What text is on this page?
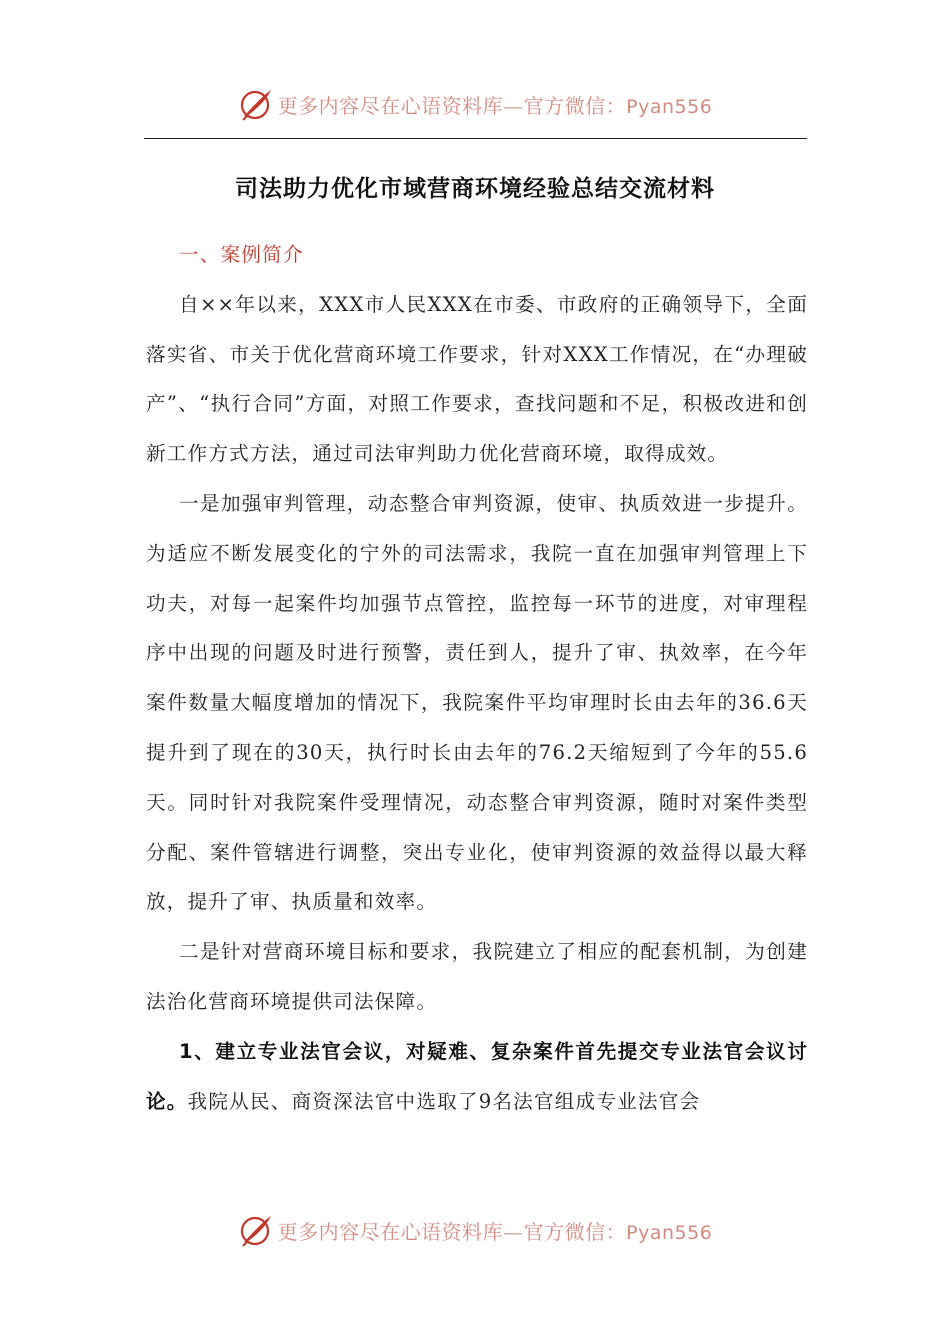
更多内容尽在心语资料库—官方微信：Pyan556
司法助力优化市域营商环境经验总结交流材料

一、案例简介

自××年以来，XXX市人民XXX在市委、市政府的正确领导下，全面落实省、市关于优化营商环境工作要求，针对XXX工作情况，在“办理破产”、“执行合同”方面，对照工作要求，查找问题和不足，积极改进和创新工作方式方法，通过司法审判助力优化营商环境，取得成效。

一是加强审判管理，动态整合审判资源，使审、执质效进一步提升。为适应不断发展变化的宁外的司法需求，我院一直在加强审判管理上下功夫，对每一起案件均加强节点管控，监控每一环节的进度，对审理程序中出现的问题及时进行预警，责任到人，提升了审、执效率，在今年案件数量大幅度增加的情况下，我院案件平均审理时长由去年的36.6天提升到了现在的30天，执行时长由去年的76.2天缩短到了今年的55.6天。同时针对我院案件受理情况，动态整合审判资源，随时对案件类型分配、案件管辖进行调整，突出专业化，使审判资源的效益得以最大释放，提升了审、执质量和效率。

二是针对营商环境目标和要求，我院建立了相应的配套机制，为创建法治化营商环境提供司法保障。

1、建立专业法官会议，对疑难、复杂案件首先提交专业法官会议讨论。我院从民、商资深法官中选取了9名法官组成专业法官会

更多内容尽在心语资料库—官方微信：Pyan556
